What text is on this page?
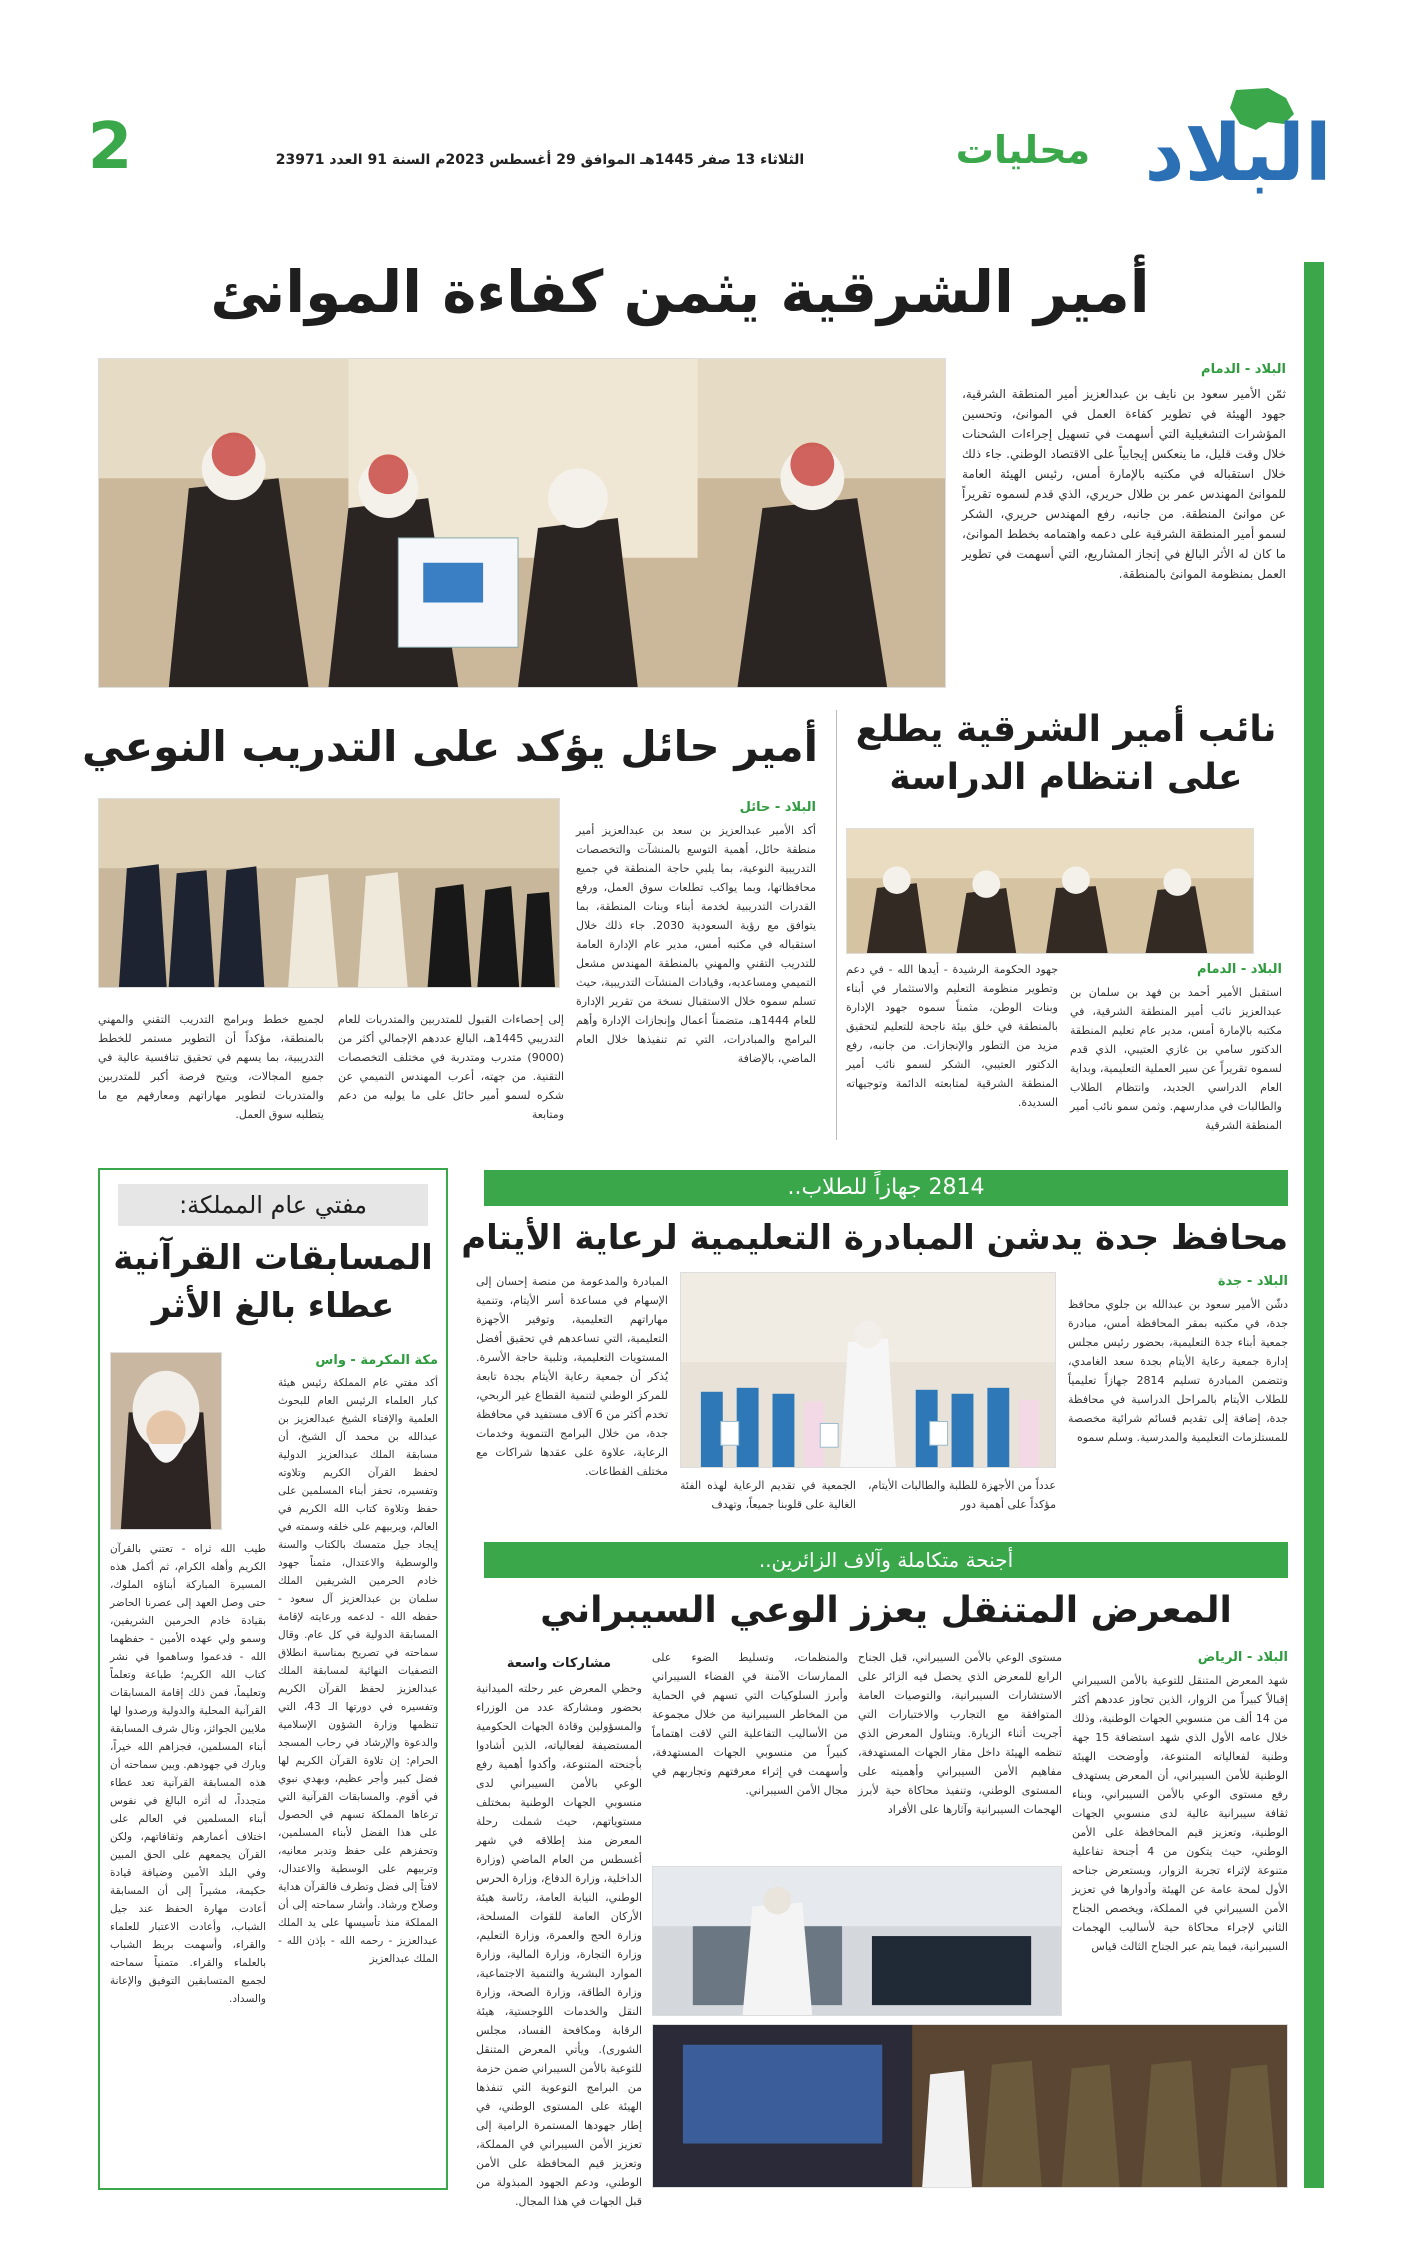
البلاد
محليات
الثلاثاء 13 صفر 1445هـ الموافق 29 أغسطس 2023م السنة 91 العدد 23971
2
أمير الشرقية يثمن كفاءة الموانئ
البلاد - الدمام
ثمّن الأمير سعود بن نايف بن عبدالعزيز أمير المنطقة الشرقية، جهود الهيئة في تطوير كفاءة العمل في الموانئ، وتحسين المؤشرات التشغيلية التي أسهمت في تسهيل إجراءات الشحنات خلال وقت قليل، ما ينعكس إيجابياً على الاقتصاد الوطني. جاء ذلك خلال استقباله في مكتبه بالإمارة أمس، رئيس الهيئة العامة للموانئ المهندس عمر بن طلال حريري، الذي قدم لسموه تقريراً عن موانئ المنطقة. من جانبه، رفع المهندس حريري، الشكر لسمو أمير المنطقة الشرقية على دعمه واهتمامه بخطط الموانئ، ما كان له الأثر البالغ في إنجاز المشاريع، التي أسهمت في تطوير العمل بمنظومة الموانئ بالمنطقة.
نائب أمير الشرقية يطلع على انتظام الدراسة
البلاد - الدمام
استقبل الأمير أحمد بن فهد بن سلمان بن عبدالعزيز نائب أمير المنطقة الشرقية، في مكتبه بالإمارة أمس، مدير عام تعليم المنطقة الدكتور سامي بن غازي العتيبي، الذي قدم لسموه تقريراً عن سير العملية التعليمية، وبداية العام الدراسي الجديد، وانتظام الطلاب والطالبات في مدارسهم. وثمن سمو نائب أمير المنطقة الشرقية
جهود الحكومة الرشيدة - أيدها الله - في دعم وتطوير منظومة التعليم والاستثمار في أبناء وبنات الوطن، مثمناً سموه جهود الإدارة بالمنطقة في خلق بيئة ناجحة للتعليم لتحقيق مزيد من التطور والإنجازات. من جانبه، رفع الدكتور العتيبي، الشكر لسمو نائب أمير المنطقة الشرقية لمتابعته الدائمة وتوجيهاته السديدة.
أمير حائل يؤكد على التدريب النوعي
البلاد - حائل
أكد الأمير عبدالعزيز بن سعد بن عبدالعزيز أمير منطقة حائل، أهمية التوسع بالمنشآت والتخصصات التدريبية النوعية، بما يلبي حاجة المنطقة في جميع محافظاتها، وبما يواكب تطلعات سوق العمل، ورفع القدرات التدريبية لخدمة أبناء وبنات المنطقة، بما يتوافق مع رؤية السعودية 2030. جاء ذلك خلال استقباله في مكتبه أمس، مدير عام الإدارة العامة للتدريب التقني والمهني بالمنطقة المهندس مشعل التميمي ومساعديه، وقيادات المنشآت التدريبية، حيث تسلم سموه خلال الاستقبال نسخة من تقرير الإدارة للعام 1444هـ، متضمناً أعمال وإنجازات الإدارة وأهم البرامج والمبادرات، التي تم تنفيذها خلال العام الماضي، بالإضافة
إلى إحصاءات القبول للمتدربين والمتدربات للعام التدريبي 1445هـ، البالغ عددهم الإجمالي أكثر من (9000) متدرب ومتدربة في مختلف التخصصات التقنية. من جهته، أعرب المهندس التميمي عن شكره لسمو أمير حائل على ما يوليه من دعم ومتابعة
لجميع خطط وبرامج التدريب التقني والمهني بالمنطقة، مؤكداً أن التطوير مستمر للخطط التدريبية، بما يسهم في تحقيق تنافسية عالية في جميع المجالات، ويتيح فرصة أكبر للمتدربين والمتدربات لتطوير مهاراتهم ومعارفهم مع ما يتطلبه سوق العمل.
مفتي عام المملكة:
المسابقات القرآنية
عطاء بالغ الأثر
مكة المكرمة - واس
أكد مفتي عام المملكة رئيس هيئة كبار العلماء الرئيس العام للبحوث العلمية والإفتاء الشيخ عبدالعزيز بن عبدالله بن محمد آل الشيخ، أن مسابقة الملك عبدالعزيز الدولية لحفظ القرآن الكريم وتلاوته وتفسيره، تحفز أبناء المسلمين على حفظ وتلاوة كتاب الله الكريم في العالم، ويربيهم على خلقه وسمته في إيجاد جيل متمسك بالكتاب والسنة والوسطية والاعتدال، مثمناً جهود خادم الحرمين الشريفين الملك سلمان بن عبدالعزيز آل سعود - حفظه الله - لدعمه ورعايته لإقامة المسابقة الدولية في كل عام. وقال سماحته في تصريح بمناسبة انطلاق التصفيات النهائية لمسابقة الملك عبدالعزيز لحفظ القرآن الكريم وتفسيره في دورتها الـ 43، التي تنظمها وزارة الشؤون الإسلامية والدعوة والإرشاد في رحاب المسجد الحرام: إن تلاوة القرآن الكريم لها فضل كبير وأجر عظيم، وبهدي نبوي في أقوم. والمسابقات القرآنية التي ترعاها المملكة تسهم في الحصول على هذا الفضل لأبناء المسلمين، وتحفزهم على حفظ وتدبر معانيه، وتربيهم على الوسطية والاعتدال، لافتاً إلى فضل وتطرف فالقرآن هداية وصلاح ورشاد. وأشار سماحته إلى أن المملكة منذ تأسيسها على يد الملك عبدالعزيز - رحمه الله - بإذن الله - الملك عبدالعزيز
طيب الله ثراه - تعتني بالقرآن الكريم وأهله الكرام، ثم أكمل هذه المسيرة المباركة أبناؤه الملوك، حتى وصل العهد إلى عصرنا الحاضر بقيادة خادم الحرمين الشريفين، وسمو ولي عهده الأمين - حفظهما الله - فدعموا وساهموا في نشر كتاب الله الكريم؛ طباعة وتعلماً وتعليماً، فمن ذلك إقامة المسابقات القرآنية المحلية والدولية ورصدوا لها ملايين الجوائز، ونال شرف المسابقة أبناء المسلمين، فجزاهم الله خيراً، وبارك في جهودهم. وبين سماحته أن هذه المسابقة القرآنية تعد عطاء متجدداً، له أثره البالغ في نفوس أبناء المسلمين في العالم على اختلاف أعمارهم وثقافاتهم، ولكن القرآن يجمعهم على الحق المبين وفي البلد الأمين وضيافة قيادة حكيمة، مشيراً إلى أن المسابقة أعادت مهارة الحفظ عند جيل الشباب، وأعادت الاعتبار للعلماء والقراء، وأسهمت بربط الشباب بالعلماء والقراء. متمنياً سماحته لجميع المتسابقين التوفيق والإعانة والسداد.
2814 جهازاً للطلاب..
محافظ جدة يدشن المبادرة التعليمية لرعاية الأيتام
البلاد - جدة
دشّن الأمير سعود بن عبدالله بن جلوي محافظ جدة، في مكتبه بمقر المحافظة أمس، مبادرة جمعية أبناء جدة التعليمية، بحضور رئيس مجلس إدارة جمعية رعاية الأيتام بجدة سعد الغامدي، وتتضمن المبادرة تسليم 2814 جهازاً تعليمياً للطلاب الأيتام بالمراحل الدراسية في محافظة جدة، إضافة إلى تقديم قسائم شرائية مخصصة للمستلزمات التعليمية والمدرسية. وسلم سموه
عدداً من الأجهزة للطلبة والطالبات الأيتام، مؤكداً على أهمية دور
الجمعية في تقديم الرعاية لهذه الفئة الغالية على قلوبنا جميعاً، وتهدف
المبادرة والمدعومة من منصة إحسان إلى الإسهام في مساعدة أسر الأيتام، وتنمية مهاراتهم التعليمية، وتوفير الأجهزة التعليمية، التي تساعدهم في تحقيق أفضل المستويات التعليمية، وتلبية حاجة الأسرة. يُذكر أن جمعية رعاية الأيتام بجدة تابعة للمركز الوطني لتنمية القطاع غير الربحي، تخدم أكثر من 6 آلاف مستفيد في محافظة جدة، من خلال البرامج التنموية وخدمات الرعاية، علاوة على عقدها شراكات مع مختلف القطاعات.
أجنحة متكاملة وآلاف الزائرين..
المعرض المتنقل يعزز الوعي السيبراني
البلاد - الرياض
شهد المعرض المتنقل للتوعية بالأمن السيبراني إقبالاً كبيراً من الزوار، الذين تجاوز عددهم أكثر من 14 ألف من منسوبي الجهات الوطنية، وذلك خلال عامه الأول الذي شهد استضافة 15 جهة وطنية لفعالياته المتنوعة، وأوضحت الهيئة الوطنية للأمن السيبراني، أن المعرض يستهدف رفع مستوى الوعي بالأمن السيبراني، وبناء ثقافة سيبرانية عالية لدى منسوبي الجهات الوطنية، وتعزيز قيم المحافظة على الأمن الوطني، حيث يتكون من 4 أجنحة تفاعلية متنوعة لإثراء تجربة الزوار، ويستعرض جناحه الأول لمحة عامة عن الهيئة وأدوارها في تعزيز الأمن السيبراني في المملكة، ويخصص الجناح الثاني لإجراء محاكاة حية لأساليب الهجمات السيبرانية، فيما يتم عبر الجناح الثالث قياس
مستوى الوعي بالأمن السيبراني، قبل الجناح الرابع للمعرض الذي يحصل فيه الزائر على الاستشارات السيبرانية، والتوصيات العامة المتوافقة مع التجارب والاختبارات التي أجريت أثناء الزيارة. ويتناول المعرض الذي تنظمه الهيئة داخل مقار الجهات المستهدفة، مفاهيم الأمن السيبراني وأهميته على المستوى الوطني، وتنفيذ محاكاة حية لأبرز الهجمات السيبرانية وآثارها على الأفراد
والمنظمات، وتسليط الضوء على الممارسات الآمنة في الفضاء السيبراني وأبرز السلوكيات التي تسهم في الحماية من المخاطر السيبرانية من خلال مجموعة من الأساليب التفاعلية التي لاقت اهتماماً كبيراً من منسوبي الجهات المستهدفة، وأسهمت في إثراء معرفتهم وتجاربهم في مجال الأمن السيبراني.
مشاركات واسعة
وحظي المعرض عبر رحلته الميدانية بحضور ومشاركة عدد من الوزراء والمسؤولين وقادة الجهات الحكومية المستضيفة لفعالياته، الذين أشادوا بأجنحته المتنوعة، وأكدوا أهمية رفع الوعي بالأمن السيبراني لدى منسوبي الجهات الوطنية بمختلف مستوياتهم، حيث شملت رحلة المعرض منذ إطلاقه في شهر أغسطس من العام الماضي (وزارة الداخلية، وزارة الدفاع، وزارة الحرس الوطني، النيابة العامة، رئاسة هيئة الأركان العامة للقوات المسلحة، وزارة الحج والعمرة، وزارة التعليم، وزارة التجارة، وزارة المالية، وزارة الموارد البشرية والتنمية الاجتماعية، وزارة الطاقة، وزارة الصحة، وزارة النقل والخدمات اللوجستية، هيئة الرقابة ومكافحة الفساد، مجلس الشورى). ويأتي المعرض المتنقل للتوعية بالأمن السيبراني ضمن حزمة من البرامج التوعوية التي تنفذها الهيئة على المستوى الوطني، في إطار جهودها المستمرة الرامية إلى تعزيز الأمن السيبراني في المملكة، وتعزيز قيم المحافظة على الأمن الوطني، ودعم الجهود المبذولة من قبل الجهات في هذا المجال.
